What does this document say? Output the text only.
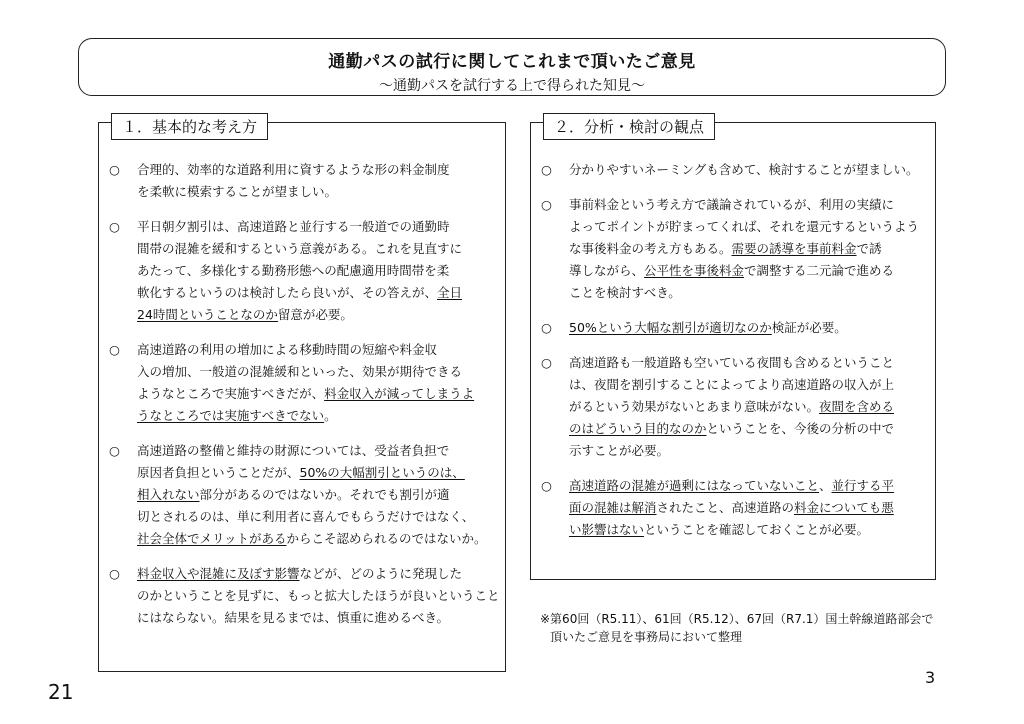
通勤パスの試行に関してこれまで頂いたご意見
～通勤パスを試行する上で得られた知見～
１．基本的な考え方
○ 合理的、効率的な道路利用に資するような形の料金制度
を柔軟に模索することが望ましい。
○ 平日朝夕割引は、高速道路と並行する一般道での通勤時
間帯の混雑を緩和するという意義がある。これを見直すに
あたって、多様化する勤務形態への配慮適用時間帯を柔
軟化するというのは検討したら良いが、その答えが、全日
24時間ということなのか留意が必要。
○ 高速道路の利用の増加による移動時間の短縮や料金収
入の増加、一般道の混雑緩和といった、効果が期待できる
ようなところで実施すべきだが、料金収入が減ってしまうよ
うなところでは実施すべきでない。
○ 高速道路の整備と維持の財源については、受益者負担で
原因者負担ということだが、50%の大幅割引というのは、
相入れない部分があるのではないか。それでも割引が適
切とされるのは、単に利用者に喜んでもらうだけではなく、
社会全体でメリットがあるからこそ認められるのではないか。
○ 料金収入や混雑に及ぼす影響などが、どのように発現した
のかということを見ずに、もっと拡大したほうが良いということ
にはならない。結果を見るまでは、慎重に進めるべき。
２．分析・検討の観点
○ 分かりやすいネーミングも含めて、検討することが望ましい。
○ 事前料金という考え方で議論されているが、利用の実績に
よってポイントが貯まってくれば、それを還元するというよう
な事後料金の考え方もある。需要の誘導を事前料金で誘
導しながら、公平性を事後料金で調整する二元論で進める
ことを検討すべき。
○ 50%という大幅な割引が適切なのか検証が必要。
○ 高速道路も一般道路も空いている夜間も含めるということ
は、夜間を割引することによってより高速道路の収入が上
がるという効果がないとあまり意味がない。夜間を含める
のはどういう目的なのかということを、今後の分析の中で
示すことが必要。
○ 高速道路の混雑が過剰にはなっていないこと、並行する平
面の混雑は解消されたこと、高速道路の料金についても悪
い影響はないということを確認しておくことが必要。
※第60回（R5.11）、61回（R5.12）、67回（R7.1）国土幹線道路部会で
頂いたご意見を事務局において整理
21
3
